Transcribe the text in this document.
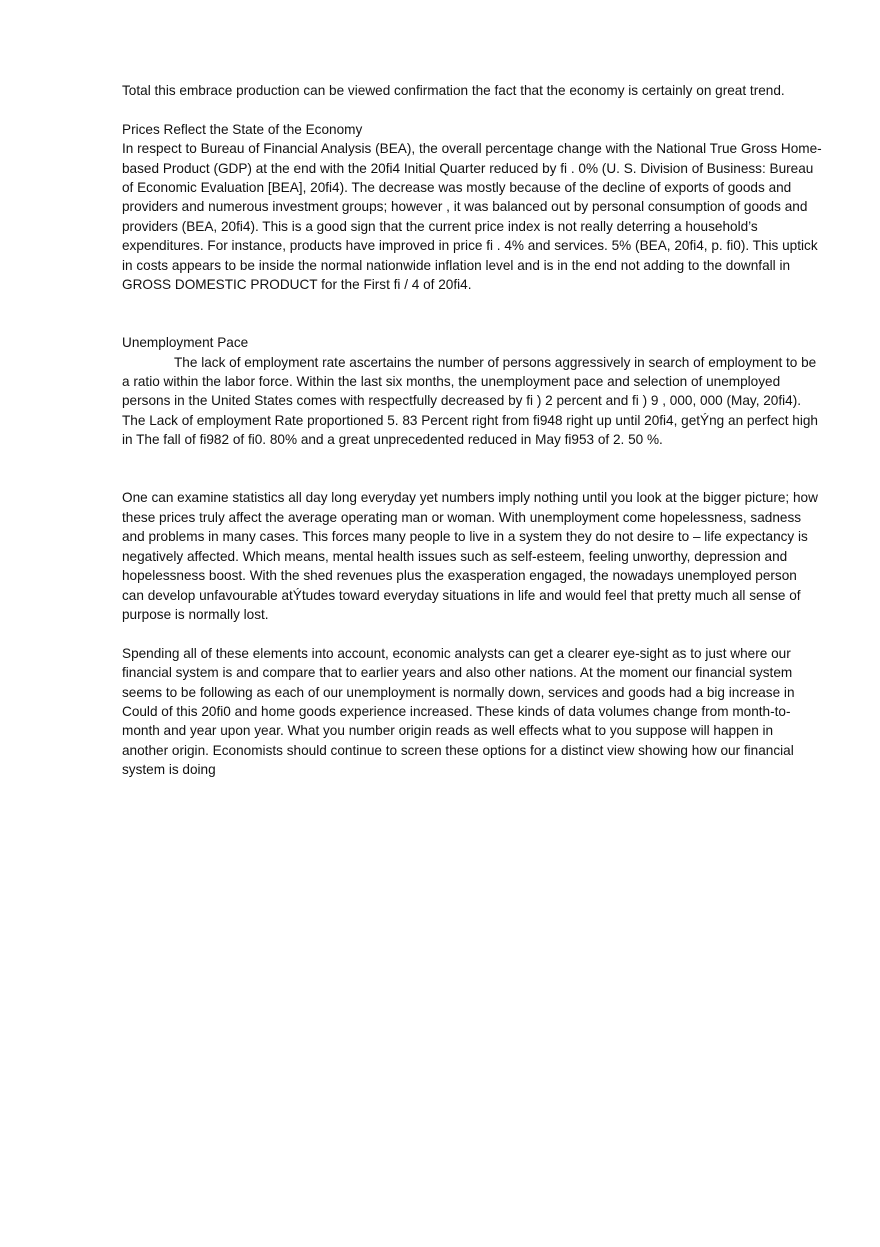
Total this embrace production can be viewed confirmation the fact that the economy is certainly on great trend.

Prices Reflect the State of the Economy

In respect to Bureau of Financial Analysis (BEA), the overall percentage change with the National True Gross Home-based Product (GDP) at the end with the 20fi4 Initial Quarter reduced by fi . 0% (U. S. Division of Business: Bureau of Economic Evaluation [BEA], 20fi4). The decrease was mostly because of the decline of exports of goods and providers and numerous investment groups; however , it was balanced out by personal consumption of goods and providers (BEA, 20fi4). This is a good sign that the current price index is not really deterring a household’s expenditures. For instance, products have improved in price fi . 4% and services. 5% (BEA, 20fi4, p. fi0). This uptick in costs appears to be inside the normal nationwide inflation level and is in the end not adding to the downfall in GROSS DOMESTIC PRODUCT for the First fi / 4 of 20fi4.

Unemployment Pace

The lack of employment rate ascertains the number of persons aggressively in search of employment to be a ratio within the labor force. Within the last six months, the unemployment pace and selection of unemployed persons in the United States comes with respectfully decreased by fi ) 2 percent and fi ) 9 , 000, 000 (May, 20fi4).

The Lack of employment Rate proportioned 5. 83 Percent right from fi948 right up until 20fi4, getÝng an perfect high in The fall of fi982 of fi0. 80% and a great unprecedented reduced in May fi953 of 2. 50 %.

One can examine statistics all day long everyday yet numbers imply nothing until you look at the bigger picture; how these prices truly affect the average operating man or woman. With unemployment come hopelessness, sadness and problems in many cases. This forces many people to live in a system they do not desire to – life expectancy is negatively affected. Which means, mental health issues such as self-esteem, feeling unworthy, depression and hopelessness boost. With the shed revenues plus the exasperation engaged, the nowadays unemployed person can develop unfavourable atÝtudes toward everyday situations in life and would feel that pretty much all sense of purpose is normally lost.

Spending all of these elements into account, economic analysts can get a clearer eye-sight as to just where our financial system is and compare that to earlier years and also other nations. At the moment our financial system seems to be following as each of our unemployment is normally down, services and goods had a big increase in Could of this 20fi0 and home goods experience increased. These kinds of data volumes change from month-to-month and year upon year. What you number origin reads as well effects what to you suppose will happen in another origin. Economists should continue to screen these options for a distinct view showing how our financial system is doing
